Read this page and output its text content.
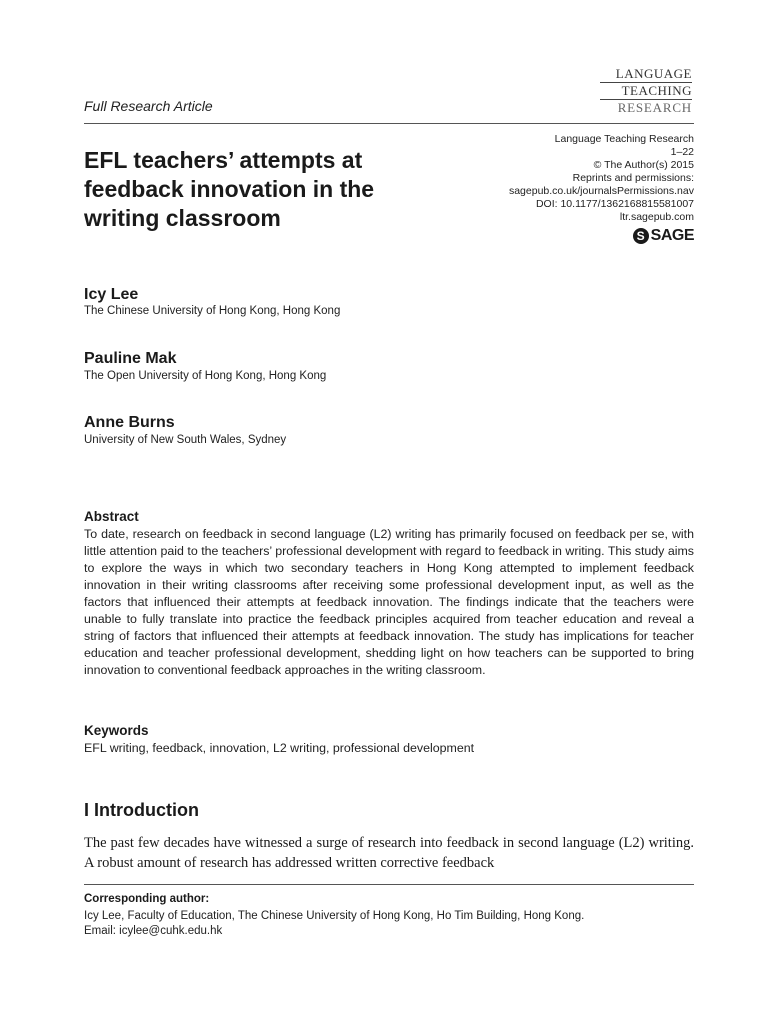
LANGUAGE
TEACHING
RESEARCH
Full Research Article
EFL teachers’ attempts at
feedback innovation in the
writing classroom
Language Teaching Research
1–22
© The Author(s) 2015
Reprints and permissions:
sagepub.co.uk/journalsPermissions.nav
DOI: 10.1177/1362168815581007
ltr.sagepub.com
S SAGE
Icy Lee
The Chinese University of Hong Kong, Hong Kong
Pauline Mak
The Open University of Hong Kong, Hong Kong
Anne Burns
University of New South Wales, Sydney
Abstract
To date, research on feedback in second language (L2) writing has primarily focused on feedback per se, with little attention paid to the teachers’ professional development with regard to feedback in writing. This study aims to explore the ways in which two secondary teachers in Hong Kong attempted to implement feedback innovation in their writing classrooms after receiving some professional development input, as well as the factors that influenced their attempts at feedback innovation. The findings indicate that the teachers were unable to fully translate into practice the feedback principles acquired from teacher education and reveal a string of factors that influenced their attempts at feedback innovation. The study has implications for teacher education and teacher professional development, shedding light on how teachers can be supported to bring innovation to conventional feedback approaches in the writing classroom.
Keywords
EFL writing, feedback, innovation, L2 writing, professional development
I Introduction
The past few decades have witnessed a surge of research into feedback in second language (L2) writing. A robust amount of research has addressed written corrective feedback
Corresponding author:
Icy Lee, Faculty of Education, The Chinese University of Hong Kong, Ho Tim Building, Hong Kong.
Email: icylee@cuhk.edu.hk
